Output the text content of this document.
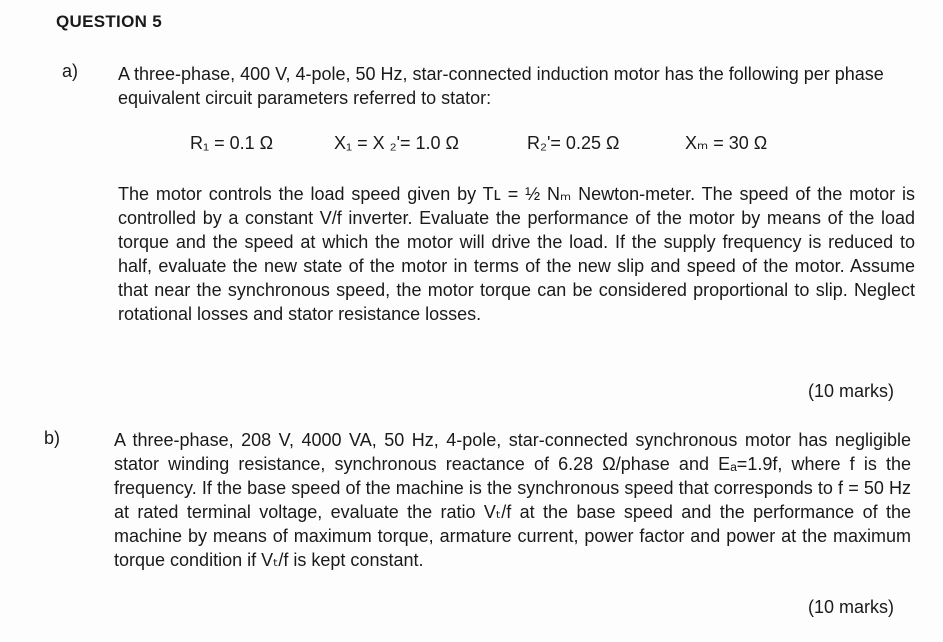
QUESTION 5
a) A three-phase, 400 V, 4-pole, 50 Hz, star-connected induction motor has the following per phase equivalent circuit parameters referred to stator:
R₁ = 0.1 Ω	X₁ = X ₂'= 1.0 Ω	R₂'= 0.25 Ω	Xₘ = 30 Ω
The motor controls the load speed given by Tʟ = ½ Nₘ Newton-meter. The speed of the motor is controlled by a constant V/f inverter. Evaluate the performance of the motor by means of the load torque and the speed at which the motor will drive the load. If the supply frequency is reduced to half, evaluate the new state of the motor in terms of the new slip and speed of the motor. Assume that near the synchronous speed, the motor torque can be considered proportional to slip. Neglect rotational losses and stator resistance losses.
(10 marks)
b)	A three-phase, 208 V, 4000 VA, 50 Hz, 4-pole, star-connected synchronous motor has negligible stator winding resistance, synchronous reactance of 6.28 Ω/phase and Eₐ=1.9f, where f is the frequency. If the base speed of the machine is the synchronous speed that corresponds to f = 50 Hz at rated terminal voltage, evaluate the ratio Vₜ/f at the base speed and the performance of the machine by means of maximum torque, armature current, power factor and power at the maximum torque condition if Vₜ/f is kept constant.
(10 marks)
